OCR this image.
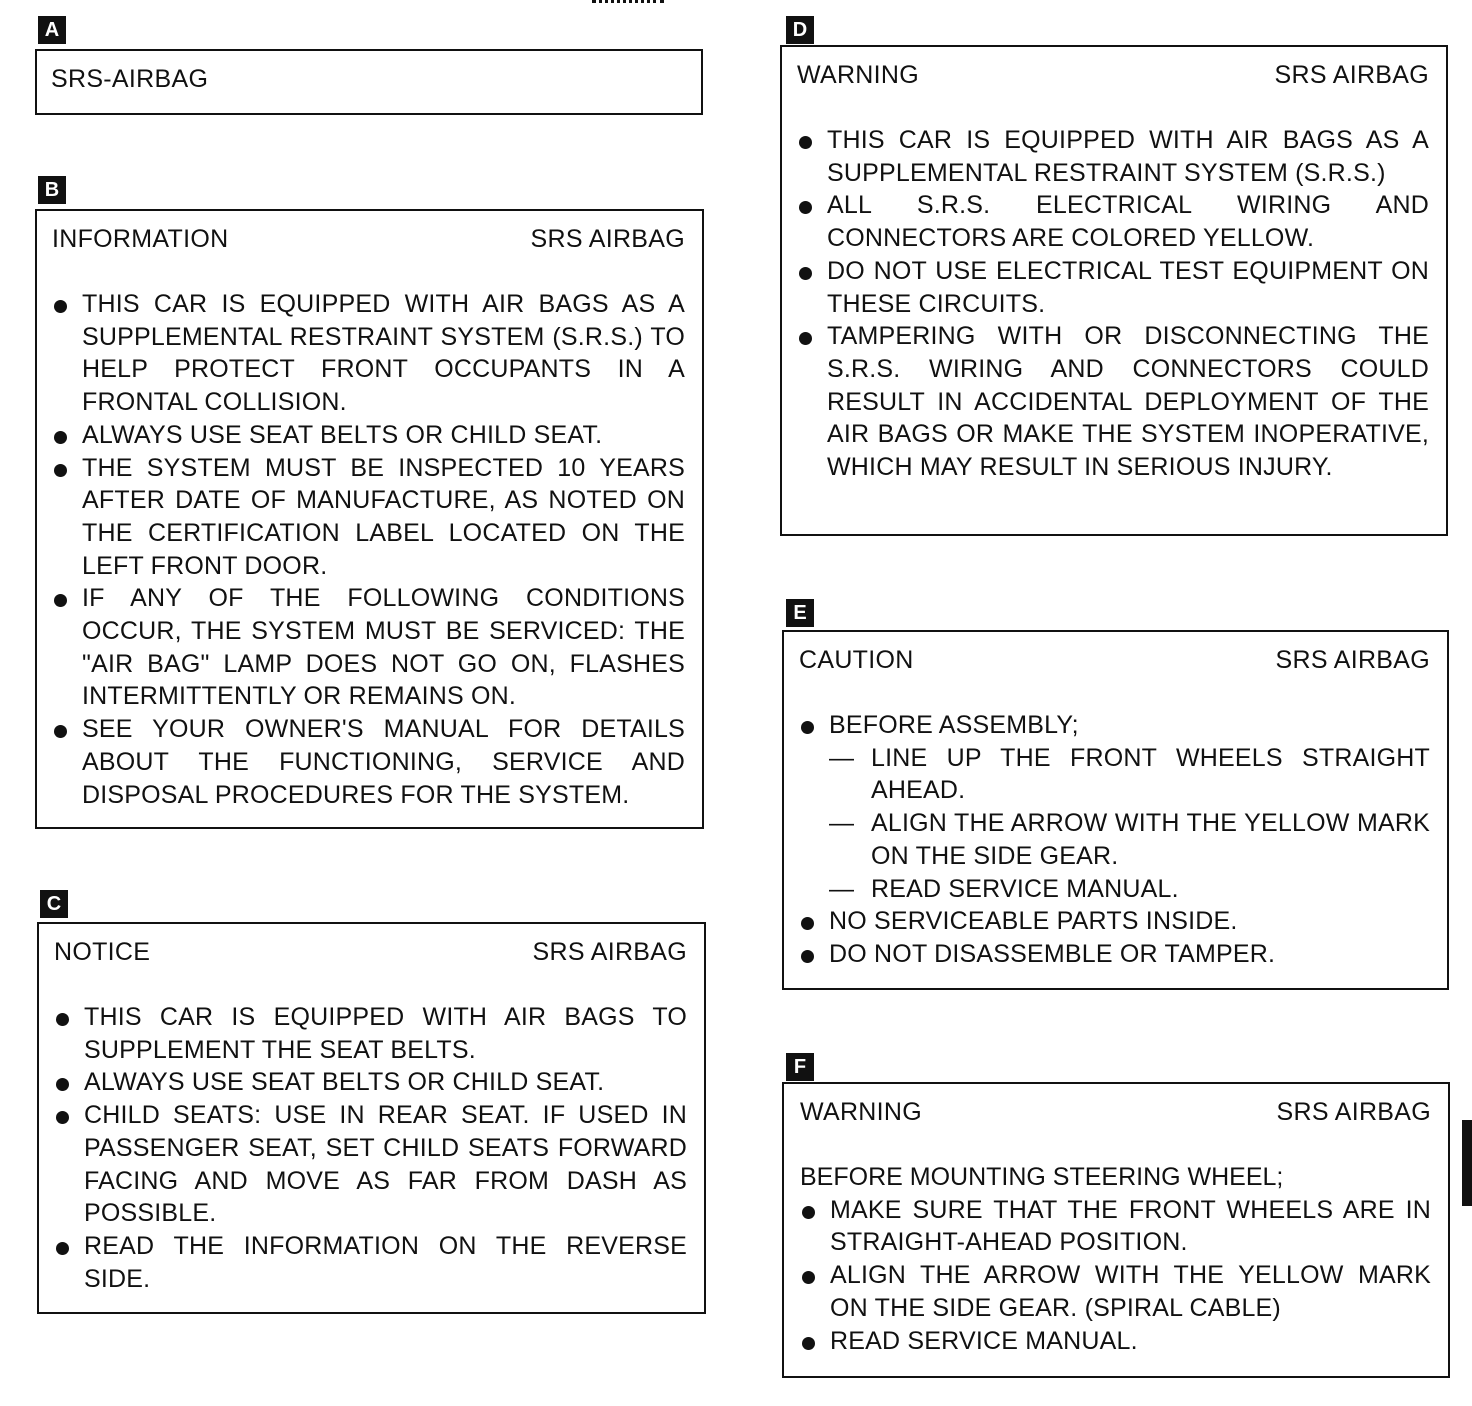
A
SRS-AIRBAG
B
INFORMATION	SRS AIRBAG
THIS CAR IS EQUIPPED WITH AIR BAGS AS A SUPPLEMENTAL RESTRAINT SYSTEM (S.R.S.) TO HELP PROTECT FRONT OCCUPANTS IN A FRONTAL COLLISION.
ALWAYS USE SEAT BELTS OR CHILD SEAT.
THE SYSTEM MUST BE INSPECTED 10 YEARS AFTER DATE OF MANUFACTURE, AS NOTED ON THE CERTIFICATION LABEL LOCATED ON THE LEFT FRONT DOOR.
IF ANY OF THE FOLLOWING CONDITIONS OCCUR, THE SYSTEM MUST BE SERVICED: THE "AIR BAG" LAMP DOES NOT GO ON, FLASHES INTERMITTENTLY OR REMAINS ON.
SEE YOUR OWNER'S MANUAL FOR DETAILS ABOUT THE FUNCTIONING, SERVICE AND DISPOSAL PROCEDURES FOR THE SYSTEM.
C
NOTICE	SRS AIRBAG
THIS CAR IS EQUIPPED WITH AIR BAGS TO SUPPLEMENT THE SEAT BELTS.
ALWAYS USE SEAT BELTS OR CHILD SEAT.
CHILD SEATS: USE IN REAR SEAT. IF USED IN PASSENGER SEAT, SET CHILD SEATS FORWARD FACING AND MOVE AS FAR FROM DASH AS POSSIBLE.
READ THE INFORMATION ON THE REVERSE SIDE.
D
WARNING	SRS AIRBAG
THIS CAR IS EQUIPPED WITH AIR BAGS AS A SUPPLEMENTAL RESTRAINT SYSTEM (S.R.S.)
ALL S.R.S. ELECTRICAL WIRING AND CONNECTORS ARE COLORED YELLOW.
DO NOT USE ELECTRICAL TEST EQUIPMENT ON THESE CIRCUITS.
TAMPERING WITH OR DISCONNECTING THE S.R.S. WIRING AND CONNECTORS COULD RESULT IN ACCIDENTAL DEPLOYMENT OF THE AIR BAGS OR MAKE THE SYSTEM INOPERATIVE, WHICH MAY RESULT IN SERIOUS INJURY.
E
CAUTION	SRS AIRBAG
BEFORE ASSEMBLY;
— LINE UP THE FRONT WHEELS STRAIGHT AHEAD.
— ALIGN THE ARROW WITH THE YELLOW MARK ON THE SIDE GEAR.
— READ SERVICE MANUAL.
NO SERVICEABLE PARTS INSIDE.
DO NOT DISASSEMBLE OR TAMPER.
F
WARNING	SRS AIRBAG
BEFORE MOUNTING STEERING WHEEL;
MAKE SURE THAT THE FRONT WHEELS ARE IN STRAIGHT-AHEAD POSITION.
ALIGN THE ARROW WITH THE YELLOW MARK ON THE SIDE GEAR. (SPIRAL CABLE)
READ SERVICE MANUAL.
